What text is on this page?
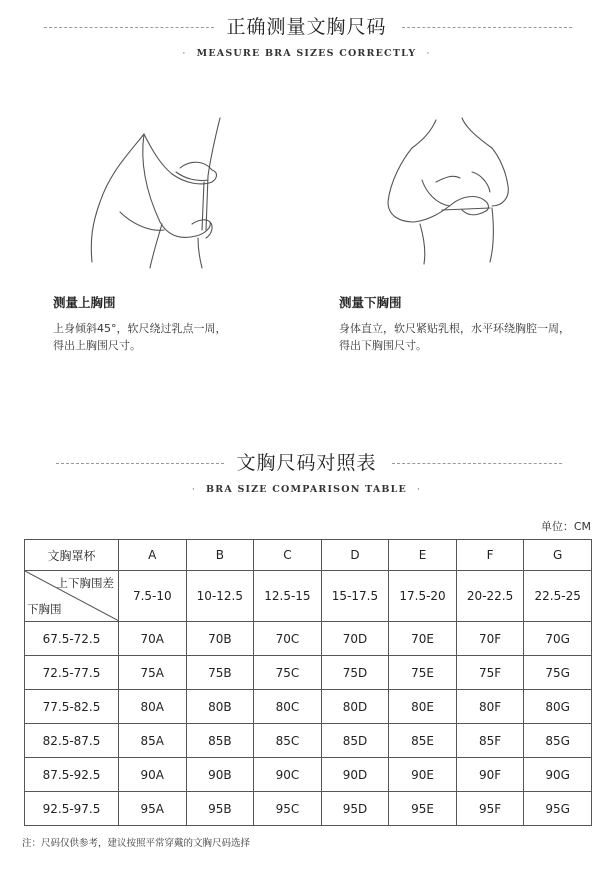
正确测量文胸尺码
· MEASURE BRA SIZES CORRECTLY ·
测量上胸围
上身倾斜45°，软尺绕过乳点一周，
得出上胸围尺寸。
测量下胸围
身体直立，软尺紧贴乳根，水平环绕胸腔一周，
得出下胸围尺寸。
文胸尺码对照表
· BRA SIZE COMPARISON TABLE ·
单位：CM
文胸罩杯	A	B	C	D	E	F	G

上下胸围差
下胸围	7.5-10	10-12.5	12.5-15	15-17.5	17.5-20	20-22.5	22.5-25
67.5-72.5	70A	70B	70C	70D	70E	70F	70G
72.5-77.5	75A	75B	75C	75D	75E	75F	75G
77.5-82.5	80A	80B	80C	80D	80E	80F	80G
82.5-87.5	85A	85B	85C	85D	85E	85F	85G
87.5-92.5	90A	90B	90C	90D	90E	90F	90G
92.5-97.5	95A	95B	95C	95D	95E	95F	95G
注：尺码仅供参考，建议按照平常穿戴的文胸尺码选择
